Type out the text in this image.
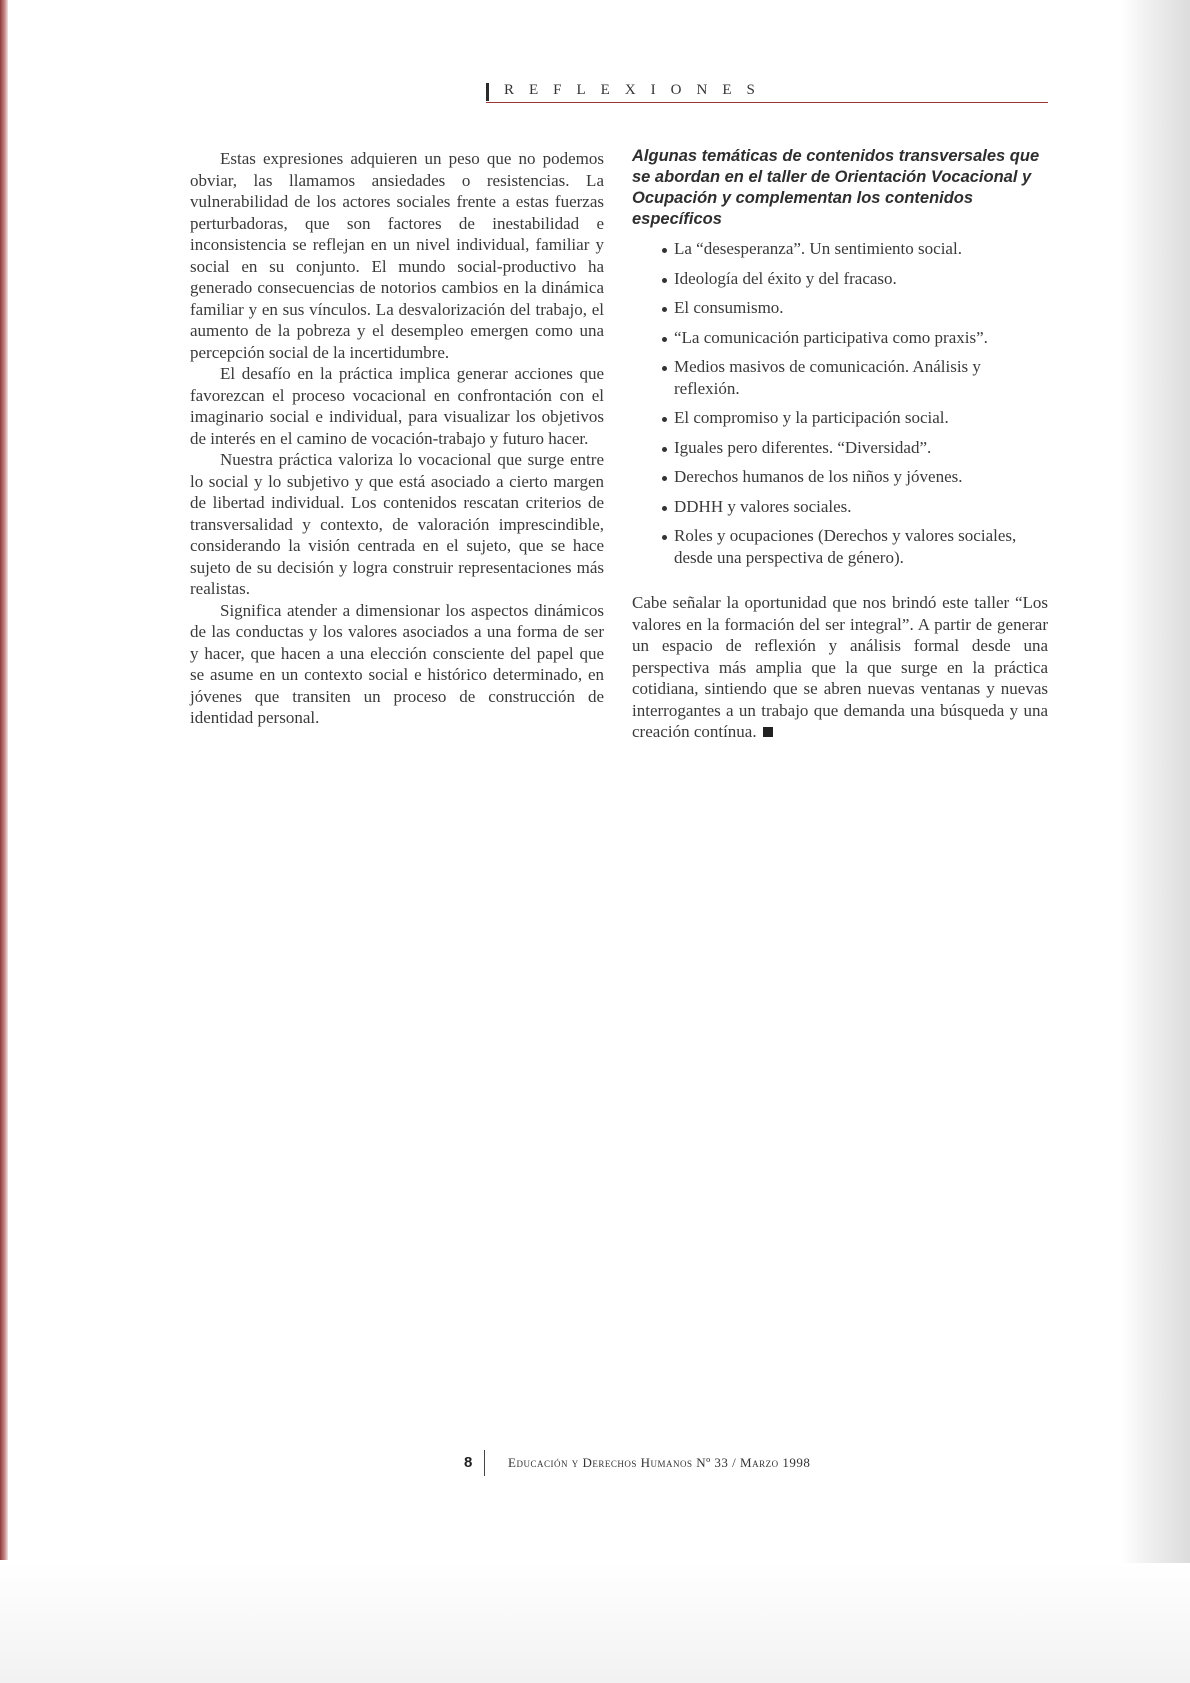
REFLEXIONES

Estas expresiones adquieren un peso que no podemos obviar, las llamamos ansiedades o resistencias. La vulnerabilidad de los actores sociales frente a estas fuerzas perturbadoras, que son factores de inestabilidad e inconsistencia se reflejan en un nivel individual, familiar y social en su conjunto. El mundo social-productivo ha generado consecuencias de notorios cambios en la dinámica familiar y en sus vínculos. La desvalorización del trabajo, el aumento de la pobreza y el desempleo emergen como una percepción social de la incertidumbre.

El desafío en la práctica implica generar acciones que favorezcan el proceso vocacional en confrontación con el imaginario social e individual, para visualizar los objetivos de interés en el camino de vocación-trabajo y futuro hacer.

Nuestra práctica valoriza lo vocacional que surge entre lo social y lo subjetivo y que está asociado a cierto margen de libertad individual. Los contenidos rescatan criterios de transversalidad y contexto, de valoración imprescindible, considerando la visión centrada en el sujeto, que se hace sujeto de su decisión y logra construir representaciones más realistas.

Significa atender a dimensionar los aspectos dinámicos de las conductas y los valores asociados a una forma de ser y hacer, que hacen a una elección consciente del papel que se asume en un contexto social e histórico determinado, en jóvenes que transiten un proceso de construcción de identidad personal.

Algunas temáticas de contenidos transversales que se abordan en el taller de Orientación Vocacional y Ocupación y complementan los contenidos específicos
La “desesperanza”. Un sentimiento social.
Ideología del éxito y del fracaso.
El consumismo.
“La comunicación participativa como praxis”.
Medios masivos de comunicación. Análisis y reflexión.
El compromiso y la participación social.
Iguales pero diferentes. “Diversidad”.
Derechos humanos de los niños y jóvenes.
DDHH y valores sociales.
Roles y ocupaciones (Derechos y valores sociales, desde una perspectiva de género).

Cabe señalar la oportunidad que nos brindó este taller “Los valores en la formación del ser integral”. A partir de generar un espacio de reflexión y análisis formal desde una perspectiva más amplia que la que surge en la práctica cotidiana, sintiendo que se abren nuevas ventanas y nuevas interrogantes a un trabajo que demanda una búsqueda y una creación contínua.

8	Educación y Derechos Humanos Nº 33 / Marzo 1998
